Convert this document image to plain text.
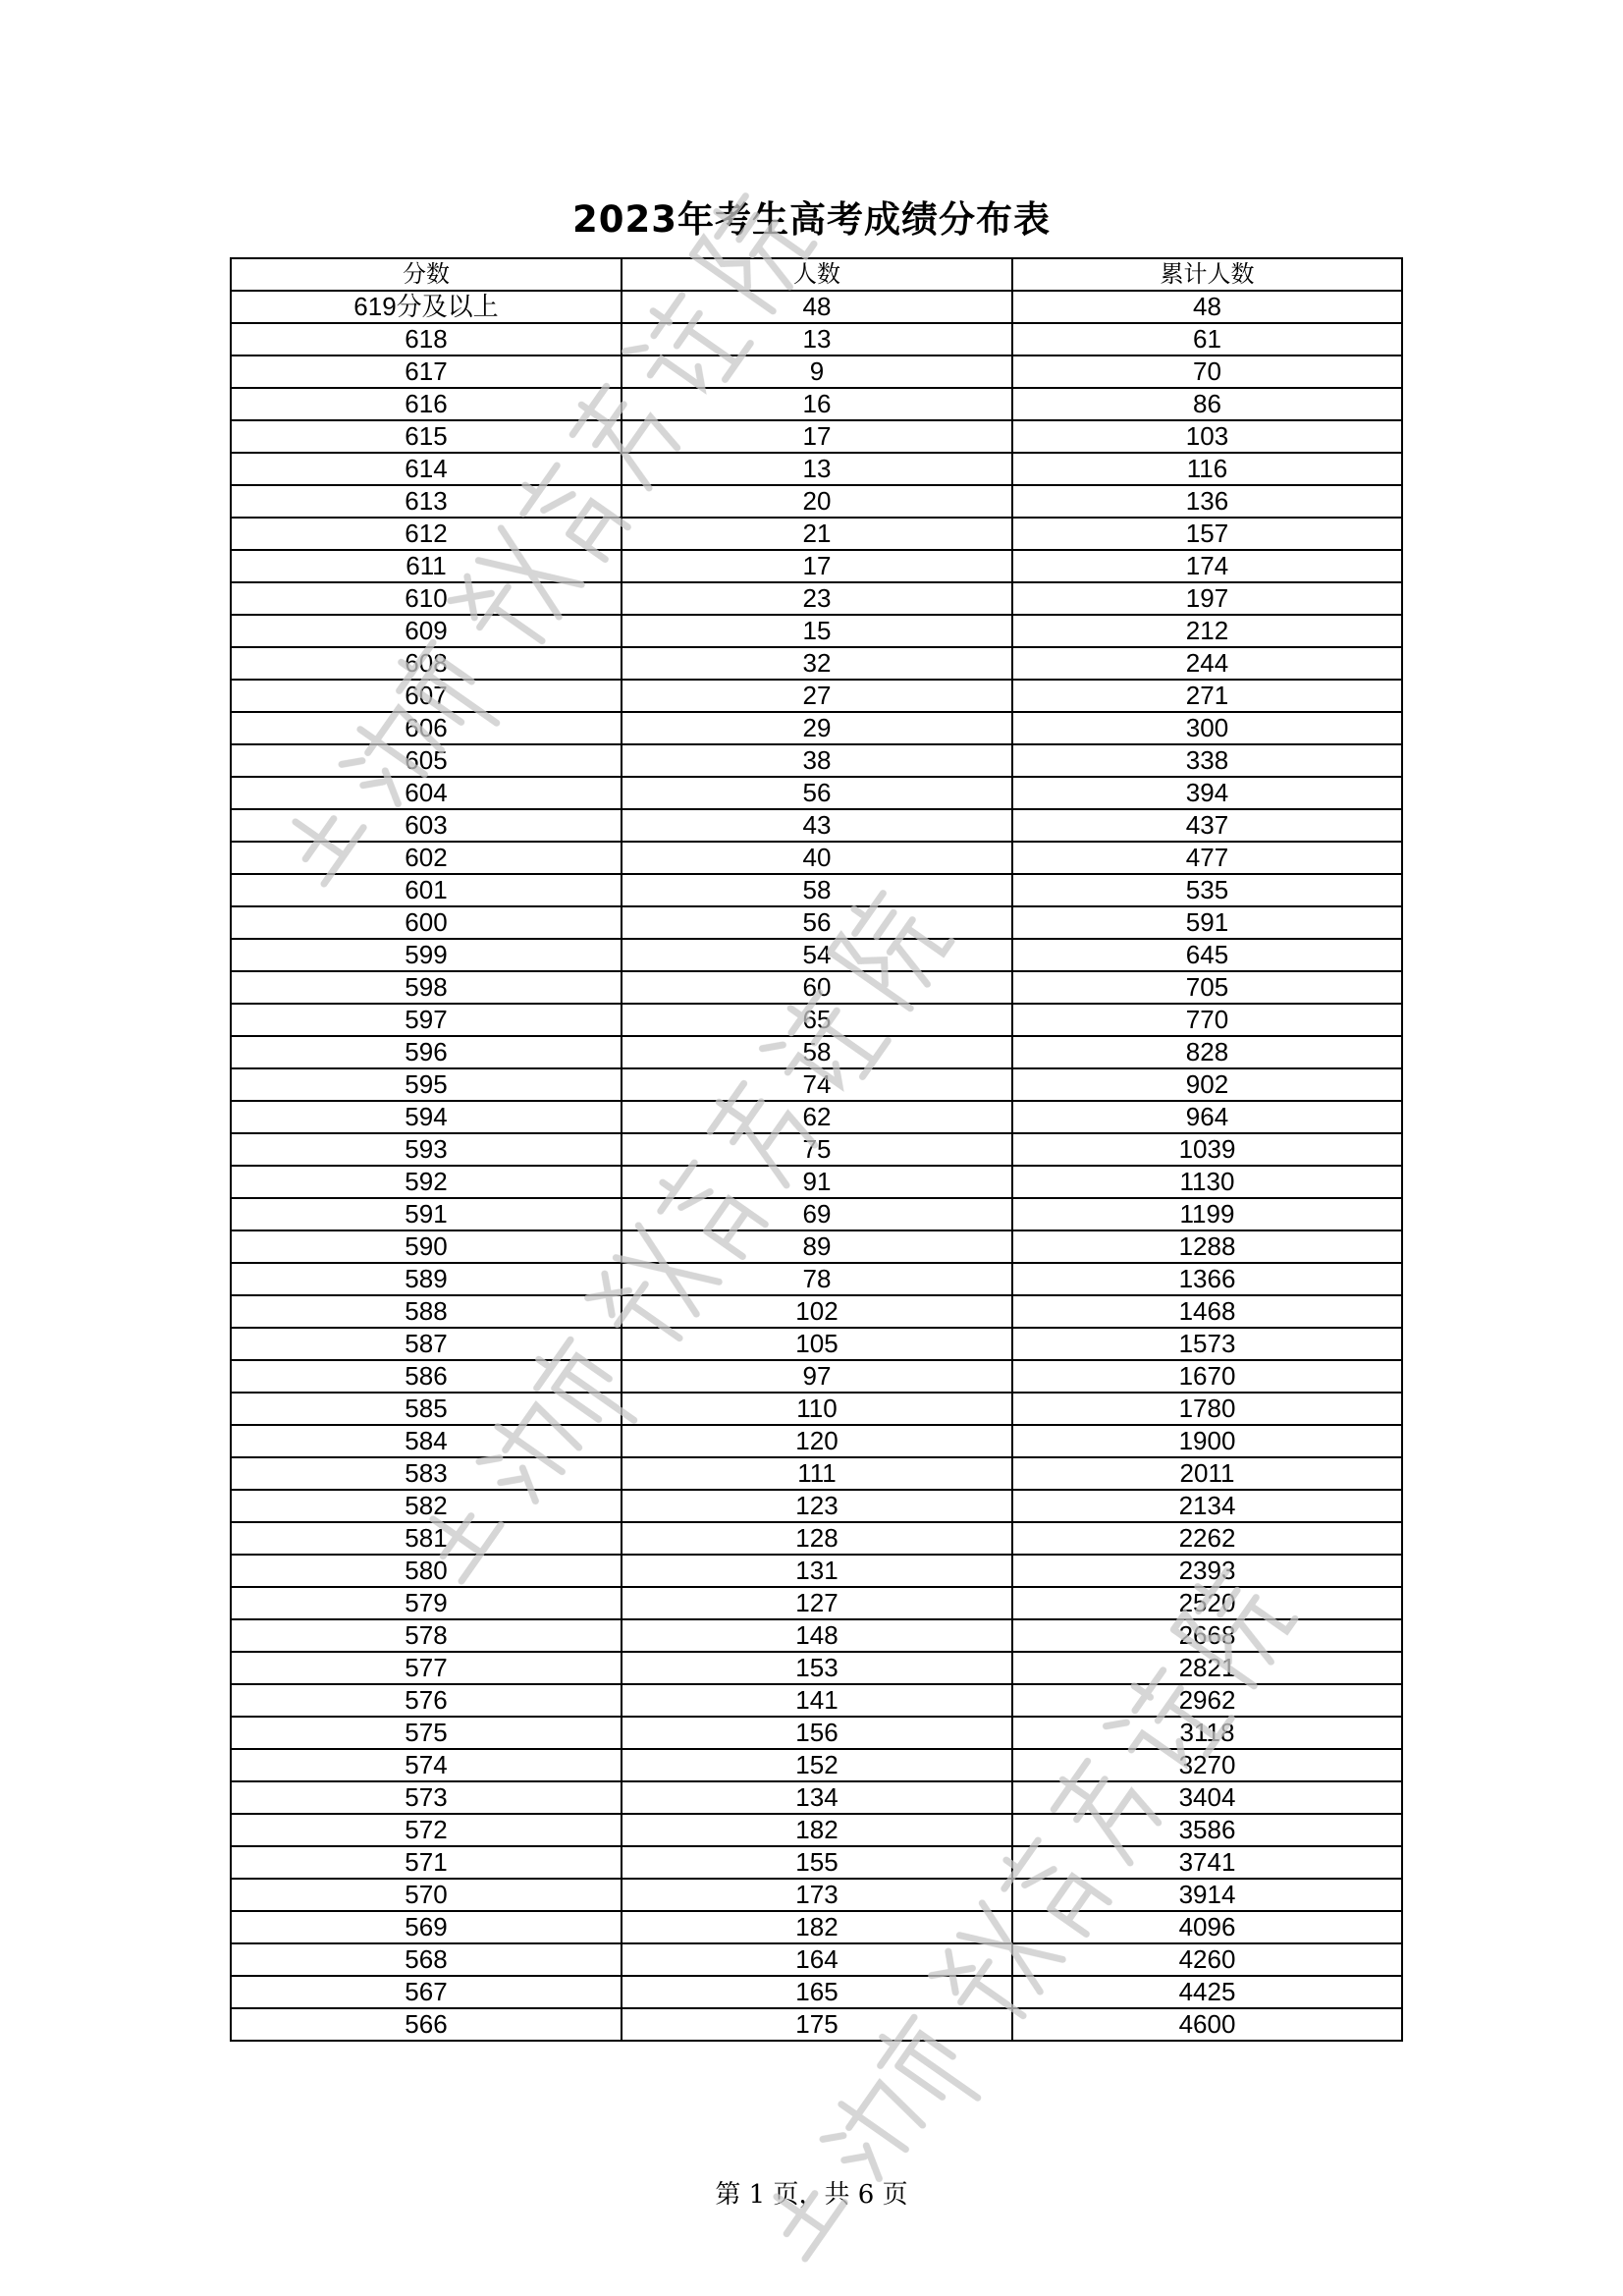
2023年考生高考成绩分布表
分数	人数	累计人数
619分及以上	48	48
618	13	61
617	9	70
616	16	86
615	17	103
614	13	116
613	20	136
612	21	157
611	17	174
610	23	197
609	15	212
608	32	244
607	27	271
606	29	300
605	38	338
604	56	394
603	43	437
602	40	477
601	58	535
600	56	591
599	54	645
598	60	705
597	65	770
596	58	828
595	74	902
594	62	964
593	75	1039
592	91	1130
591	69	1199
590	89	1288
589	78	1366
588	102	1468
587	105	1573
586	97	1670
585	110	1780
584	120	1900
583	111	2011
582	123	2134
581	128	2262
580	131	2393
579	127	2520
578	148	2668
577	153	2821
576	141	2962
575	156	3118
574	152	3270
573	134	3404
572	182	3586
571	155	3741
570	173	3914
569	182	4096
568	164	4260
567	165	4425
566	175	4600
第 1 页，共 6 页
